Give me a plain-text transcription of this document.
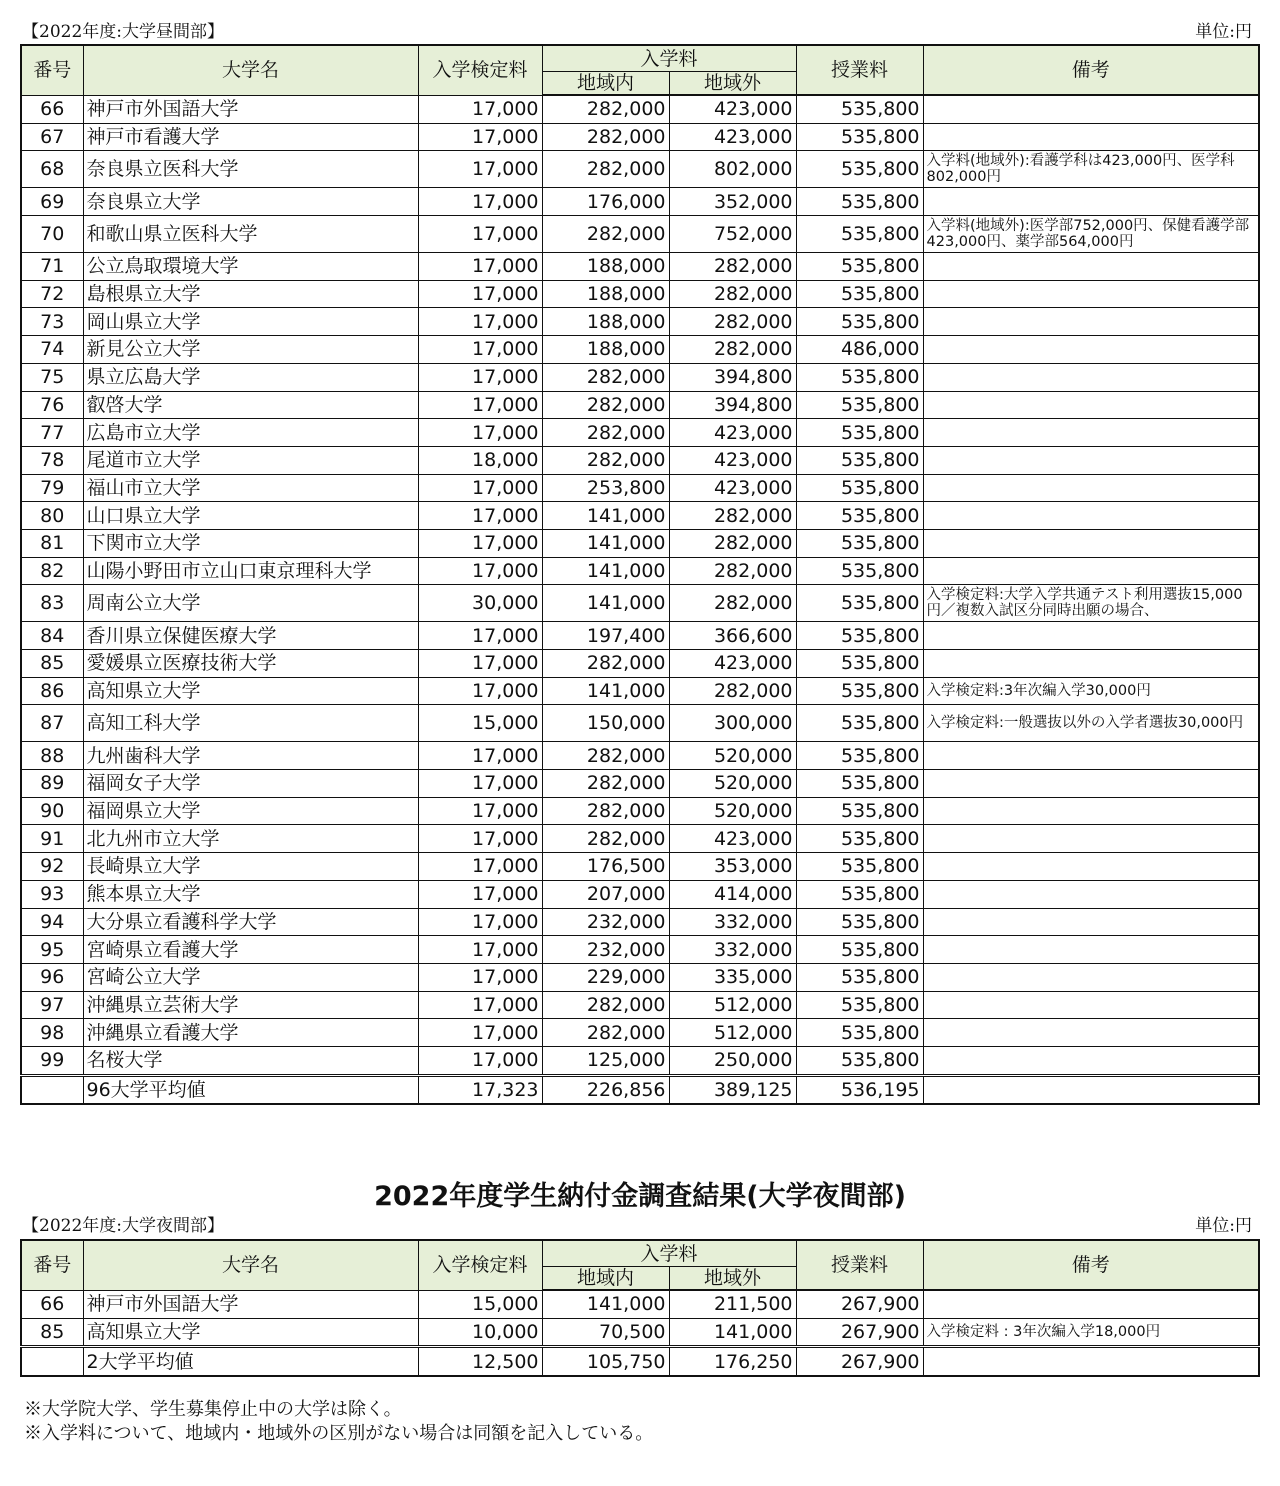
【2022年度:大学昼間部】	単位:円
番号	大学名	入学検定料	入学料		授業料	備考
			地域内	地域外		
66	神戸市外国語大学	17,000	282,000	423,000	535,800	
67	神戸市看護大学	17,000	282,000	423,000	535,800	
68	奈良県立医科大学	17,000	282,000	802,000	535,800	入学料(地域外):看護学科は423,000円、医学科802,000円
69	奈良県立大学	17,000	176,000	352,000	535,800	
70	和歌山県立医科大学	17,000	282,000	752,000	535,800	入学料(地域外):医学部752,000円、保健看護学部423,000円、薬学部564,000円
71	公立鳥取環境大学	17,000	188,000	282,000	535,800	
72	島根県立大学	17,000	188,000	282,000	535,800	
73	岡山県立大学	17,000	188,000	282,000	535,800	
74	新見公立大学	17,000	188,000	282,000	486,000	
75	県立広島大学	17,000	282,000	394,800	535,800	
76	叡啓大学	17,000	282,000	394,800	535,800	
77	広島市立大学	17,000	282,000	423,000	535,800	
78	尾道市立大学	18,000	282,000	423,000	535,800	
79	福山市立大学	17,000	253,800	423,000	535,800	
80	山口県立大学	17,000	141,000	282,000	535,800	
81	下関市立大学	17,000	141,000	282,000	535,800	
82	山陽小野田市立山口東京理科大学	17,000	141,000	282,000	535,800	
83	周南公立大学	30,000	141,000	282,000	535,800	入学検定料:大学入学共通テスト利用選抜15,000円／複数入試区分同時出願の場合、
84	香川県立保健医療大学	17,000	197,400	366,600	535,800	
85	愛媛県立医療技術大学	17,000	282,000	423,000	535,800	
86	高知県立大学	17,000	141,000	282,000	535,800	入学検定料:3年次編入学30,000円
87	高知工科大学	15,000	150,000	300,000	535,800	入学検定料:一般選抜以外の入学者選抜30,000円
88	九州歯科大学	17,000	282,000	520,000	535,800	
89	福岡女子大学	17,000	282,000	520,000	535,800	
90	福岡県立大学	17,000	282,000	520,000	535,800	
91	北九州市立大学	17,000	282,000	423,000	535,800	
92	長崎県立大学	17,000	176,500	353,000	535,800	
93	熊本県立大学	17,000	207,000	414,000	535,800	
94	大分県立看護科学大学	17,000	232,000	332,000	535,800	
95	宮崎県立看護大学	17,000	232,000	332,000	535,800	
96	宮崎公立大学	17,000	229,000	335,000	535,800	
97	沖縄県立芸術大学	17,000	282,000	512,000	535,800	
98	沖縄県立看護大学	17,000	282,000	512,000	535,800	
99	名桜大学	17,000	125,000	250,000	535,800	
	96大学平均値	17,323	226,856	389,125	536,195	
2022年度学生納付金調査結果(大学夜間部)
【2022年度:大学夜間部】	単位:円
番号	大学名	入学検定料	入学料		授業料	備考
			地域内	地域外		
66	神戸市外国語大学	15,000	141,000	211,500	267,900	
85	高知県立大学	10,000	70,500	141,000	267,900	入学検定料 : 3年次編入学18,000円
	2大学平均値	12,500	105,750	176,250	267,900	
※大学院大学、学生募集停止中の大学は除く。
※入学料について、地域内・地域外の区別がない場合は同額を記入している。
